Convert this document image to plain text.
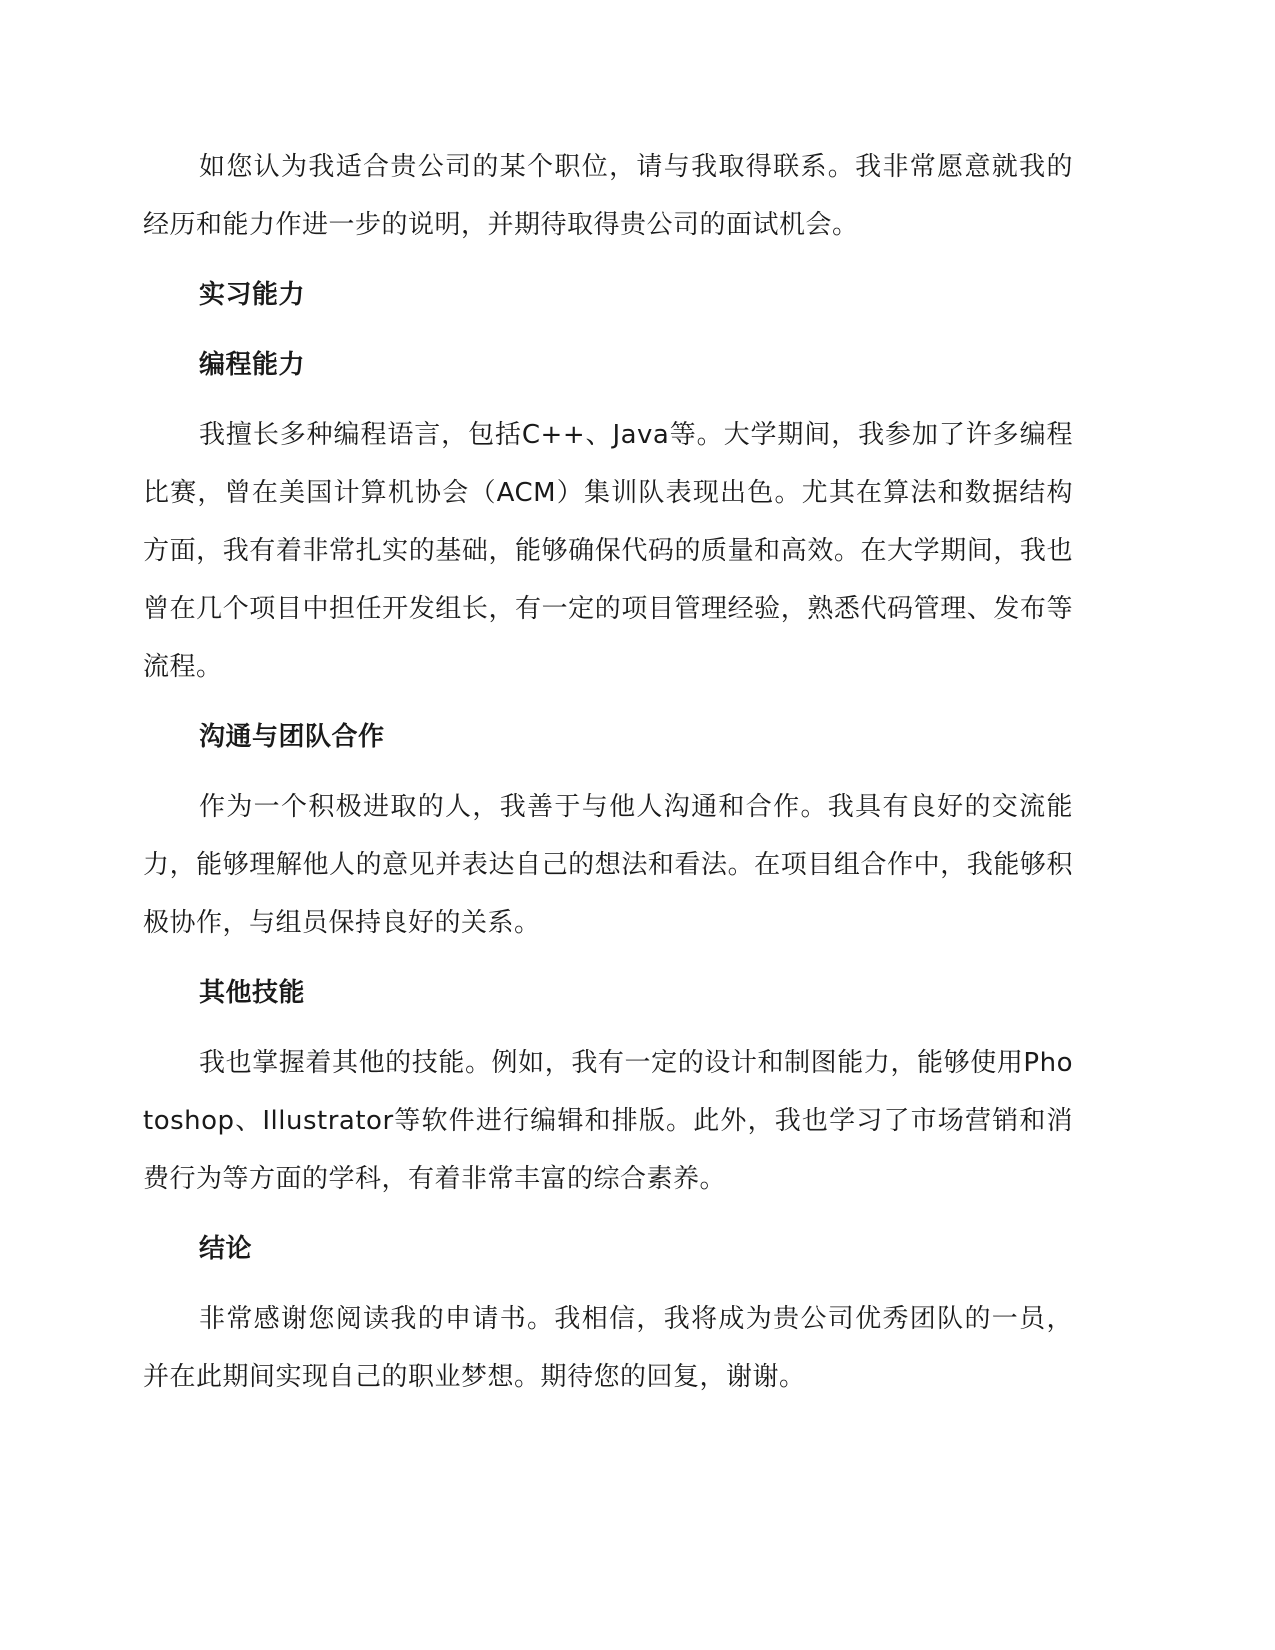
如您认为我适合贵公司的某个职位，请与我取得联系。我非常愿意就我的经历和能力作进一步的说明，并期待取得贵公司的面试机会。

实习能力

编程能力

我擅长多种编程语言，包括C++、Java等。大学期间，我参加了许多编程比赛，曾在美国计算机协会（ACM）集训队表现出色。尤其在算法和数据结构方面，我有着非常扎实的基础，能够确保代码的质量和高效。在大学期间，我也曾在几个项目中担任开发组长，有一定的项目管理经验，熟悉代码管理、发布等流程。

沟通与团队合作

作为一个积极进取的人，我善于与他人沟通和合作。我具有良好的交流能力，能够理解他人的意见并表达自己的想法和看法。在项目组合作中，我能够积极协作，与组员保持良好的关系。

其他技能

我也掌握着其他的技能。例如，我有一定的设计和制图能力，能够使用Photoshop、Illustrator等软件进行编辑和排版。此外，我也学习了市场营销和消费行为等方面的学科，有着非常丰富的综合素养。

结论

非常感谢您阅读我的申请书。我相信，我将成为贵公司优秀团队的一员，并在此期间实现自己的职业梦想。期待您的回复，谢谢。
